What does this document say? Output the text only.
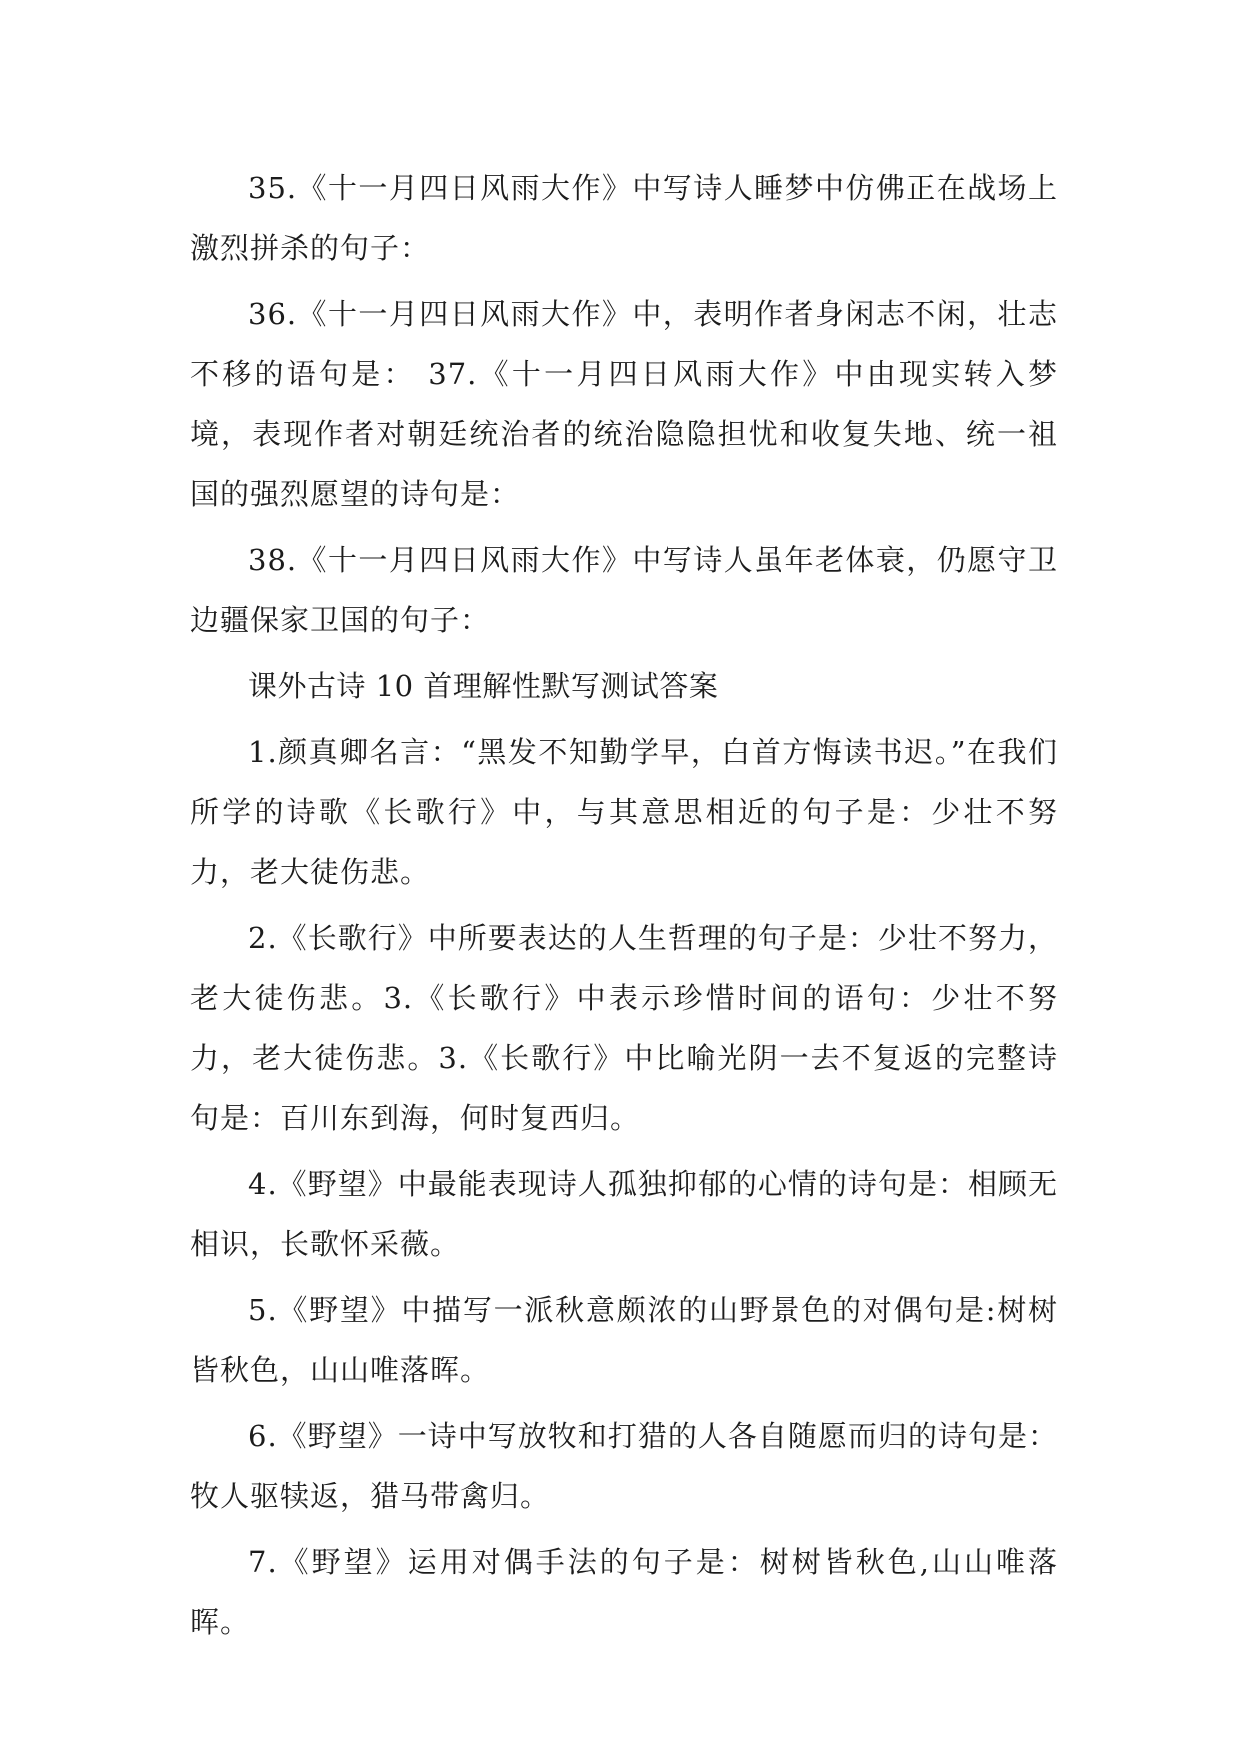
35.《十一月四日风雨大作》中写诗人睡梦中仿佛正在战场上激烈拼杀的句子：

36.《十一月四日风雨大作》中，表明作者身闲志不闲，壮志不移的语句是： 37.《十一月四日风雨大作》中由现实转入梦境，表现作者对朝廷统治者的统治隐隐担忧和收复失地、统一祖国的强烈愿望的诗句是：

38.《十一月四日风雨大作》中写诗人虽年老体衰，仍愿守卫边疆保家卫国的句子：

课外古诗 10 首理解性默写测试答案

1.颜真卿名言：“黑发不知勤学早，白首方悔读书迟。”在我们所学的诗歌《长歌行》中，与其意思相近的句子是：少壮不努力，老大徒伤悲。

2.《长歌行》中所要表达的人生哲理的句子是：少壮不努力，老大徒伤悲。3.《长歌行》中表示珍惜时间的语句：少壮不努力，老大徒伤悲。3.《长歌行》中比喻光阴一去不复返的完整诗句是：百川东到海，何时复西归。

4.《野望》中最能表现诗人孤独抑郁的心情的诗句是：相顾无相识，长歌怀采薇。

5.《野望》中描写一派秋意颇浓的山野景色的对偶句是:树树皆秋色，山山唯落晖。

6.《野望》一诗中写放牧和打猎的人各自随愿而归的诗句是：牧人驱犊返，猎马带禽归。

7.《野望》运用对偶手法的句子是：树树皆秋色,山山唯落晖。
